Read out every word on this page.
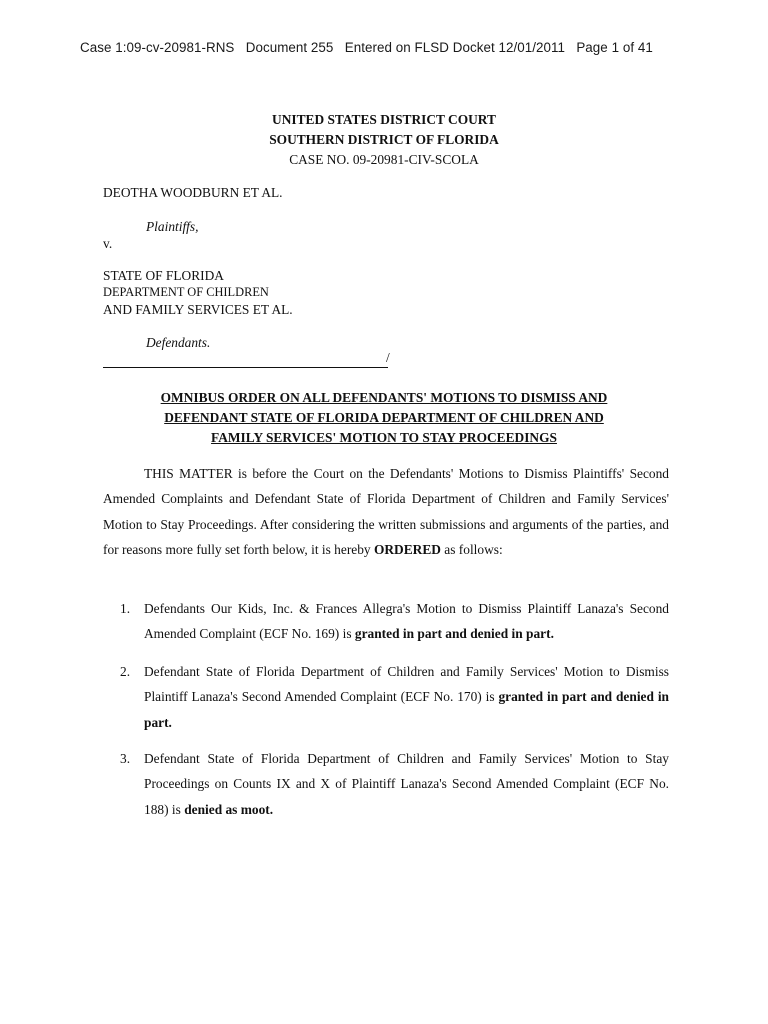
Case 1:09-cv-20981-RNS Document 255 Entered on FLSD Docket 12/01/2011 Page 1 of 41
UNITED STATES DISTRICT COURT
SOUTHERN DISTRICT OF FLORIDA
CASE NO. 09-20981-CIV-SCOLA
DEOTHA WOODBURN ET AL.
Plaintiffs,
v.
STATE OF FLORIDA
DEPARTMENT OF CHILDREN
AND FAMILY SERVICES ET AL.
Defendants.
/
OMNIBUS ORDER ON ALL DEFENDANTS' MOTIONS TO DISMISS AND
DEFENDANT STATE OF FLORIDA DEPARTMENT OF CHILDREN AND
FAMILY SERVICES' MOTION TO STAY PROCEEDINGS
THIS MATTER is before the Court on the Defendants' Motions to Dismiss Plaintiffs' Second Amended Complaints and Defendant State of Florida Department of Children and Family Services' Motion to Stay Proceedings. After considering the written submissions and arguments of the parties, and for reasons more fully set forth below, it is hereby ORDERED as follows:
1. Defendants Our Kids, Inc. & Frances Allegra's Motion to Dismiss Plaintiff Lanaza's Second Amended Complaint (ECF No. 169) is granted in part and denied in part.
2. Defendant State of Florida Department of Children and Family Services' Motion to Dismiss Plaintiff Lanaza's Second Amended Complaint (ECF No. 170) is granted in part and denied in part.
3. Defendant State of Florida Department of Children and Family Services' Motion to Stay Proceedings on Counts IX and X of Plaintiff Lanaza's Second Amended Complaint (ECF No. 188) is denied as moot.
